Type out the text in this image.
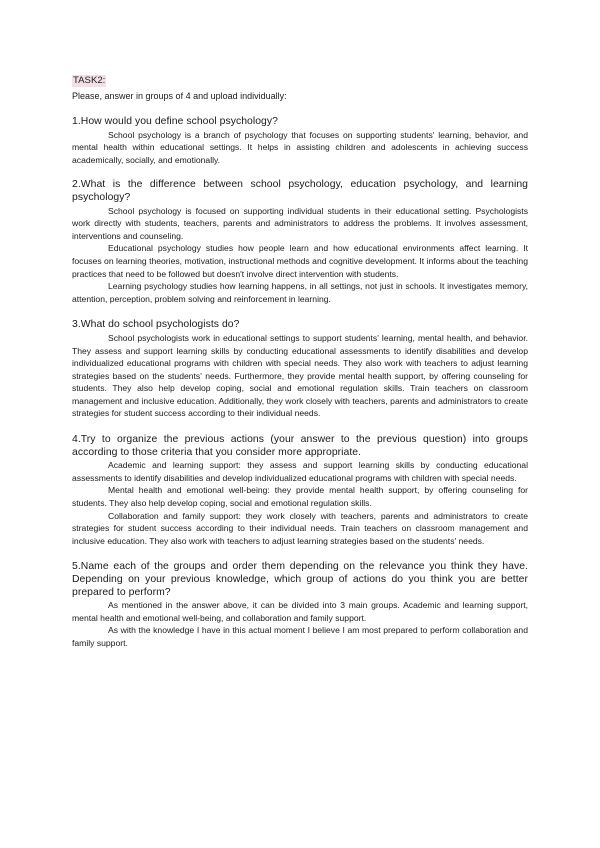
TASK2:

Please, answer in groups of 4 and upload individually:

1.How would you define school psychology?

School psychology is a branch of psychology that focuses on supporting students' learning, behavior, and mental health within educational settings. It helps in assisting children and adolescents in achieving success academically, socially, and emotionally.

2.What is the difference between school psychology, education psychology, and learning psychology?

School psychology is focused on supporting individual students in their educational setting. Psychologists work directly with students, teachers, parents and administrators to address the problems. It involves assessment, interventions and counseling.

Educational psychology studies how people learn and how educational environments affect learning. It focuses on learning theories, motivation, instructional methods and cognitive development. It informs about the teaching practices that need to be followed but doesn't involve direct intervention with students.

Learning psychology studies how learning happens, in all settings, not just in schools. It investigates memory, attention, perception, problem solving and reinforcement in learning.

3.What do school psychologists do?

School psychologists work in educational settings to support students' learning, mental health, and behavior. They assess and support learning skills by conducting educational assessments to identify disabilities and develop individualized educational programs with children with special needs. They also work with teachers to adjust learning strategies based on the students' needs. Furthermore, they provide mental health support, by offering counseling for students. They also help develop coping, social and emotional regulation skills. Train teachers on classroom management and inclusive education. Additionally, they work closely with teachers, parents and administrators to create strategies for student success according to their individual needs.

4.Try to organize the previous actions (your answer to the previous question) into groups according to those criteria that you consider more appropriate.

Academic and learning support: they assess and support learning skills by conducting educational assessments to identify disabilities and develop individualized educational programs with children with special needs.

Mental health and emotional well-being: they provide mental health support, by offering counseling for students. They also help develop coping, social and emotional regulation skills.

Collaboration and family support: they work closely with teachers, parents and administrators to create strategies for student success according to their individual needs. Train teachers on classroom management and inclusive education. They also work with teachers to adjust learning strategies based on the students' needs.

5.Name each of the groups and order them depending on the relevance you think they have. Depending on your previous knowledge, which group of actions do you think you are better prepared to perform?

As mentioned in the answer above, it can be divided into 3 main groups. Academic and learning support, mental health and emotional well-being, and collaboration and family support.

As with the knowledge I have in this actual moment I believe I am most prepared to perform collaboration and family support.
